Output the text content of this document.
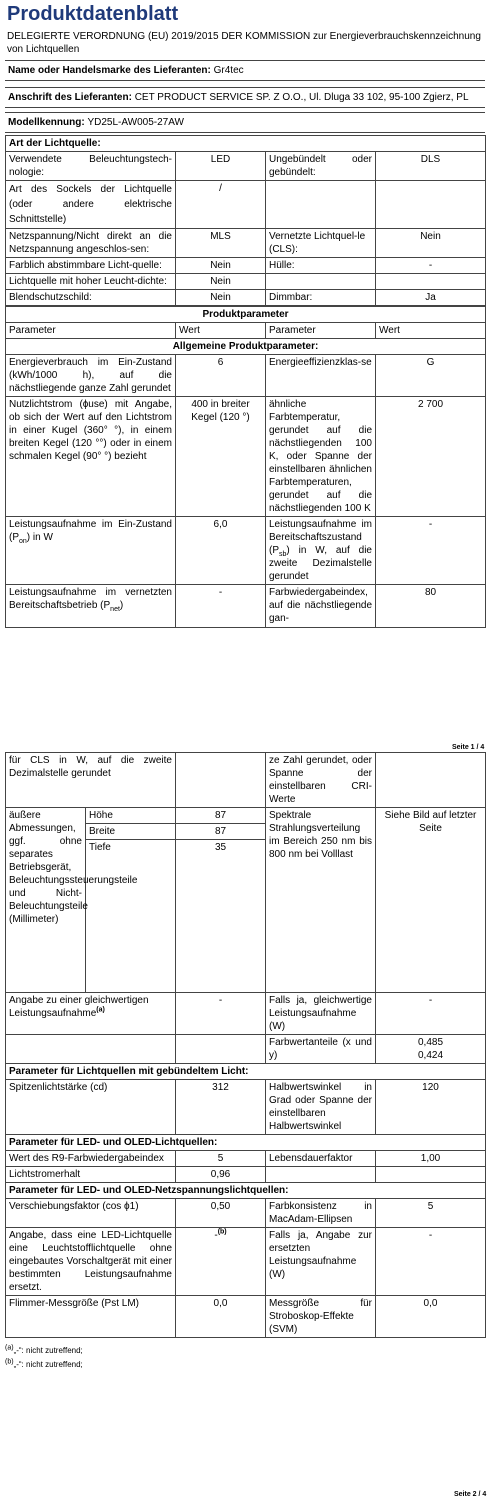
Produktdatenblatt
DELEGIERTE VERORDNUNG (EU) 2019/2015 DER KOMMISSION zur Energieverbrauchskennzeichnung von Lichtquellen
Name oder Handelsmarke des Lieferanten: Gr4tec
Anschrift des Lieferanten: CET PRODUCT SERVICE SP. Z O.O., Ul. Dluga 33 102, 95-100 Zgierz, PL
Modellkennung: YD25L-AW005-27AW
Art der Lichtquelle:			
Verwendete Beleuchtungstech-nologie:	LED	Ungebündelt oder gebündelt:	DLS
Art des Sockels der Lichtquelle (oder andere elektrische Schnittstelle)	/		
Netzspannung/Nicht direkt an die Netzspannung angeschlos-sen:	MLS	Vernetzte Lichtquel-le (CLS):	Nein
Farblich abstimmbare Licht-quelle:	Nein	Hülle:	-
Lichtquelle mit hoher Leucht-dichte:	Nein		
Blendschutzschild:	Nein	Dimmbar:	Ja
Produktparameter			
Parameter	Wert	Parameter	Wert
Allgemeine Produktparameter:			
Energieverbrauch im Ein-Zustand (kWh/1000 h), auf die nächstliegende ganze Zahl gerundet	6	Energieeffizienzklas-se	G
Nutzlichtstrom (ɸuse) mit Angabe, ob sich der Wert auf den Lichtstrom in einer Kugel (360° °), in einem breiten Kegel (120 °°) oder in einem schmalen Kegel (90° °) bezieht	400 in breiter Kegel (120 °)	ähnliche Farbtemperatur, gerundet auf die nächstliegenden 100 K, oder Spanne der einstellbaren ähnlichen Farbtemperaturen, gerundet auf die nächstliegenden 100 K	2 700
Leistungsaufnahme im Ein-Zustand $(P_{on})$ in W	6,0	Leistungsaufnahme im Bereitschaftszustand $(P_{sb})$ in W, auf die zweite Dezimalstelle gerundet	-
Leistungsaufnahme im vernetzten Bereitschaftsbetrieb $(P_{net})$	-	Farbwiedergabeindex, auf die nächstliegende gan-	80
Seite 1 / 4
für CLS in W, auf die zweite Dezimalstelle gerundet			ze Zahl gerundet, oder Spanne der einstellbaren CRI-Werte	
äußere Abmessungen, ggf. ohne separates Betriebsgerät, Beleuchtungssteuerungsteile und Nicht-Beleuchtungsteile (Millimeter)	Höhe	87	Spektrale Strahlungsverteilung im Bereich 250 nm bis 800 nm bei Volllast	Siehe Bild auf letzter Seite
	Breite	87		
	Tiefe	35		
Angabe zu einer gleichwertigen Leistungsaufnahme$^{(a)}$		-	Falls ja, gleichwertige Leistungsaufnahme (W)	-
			Farbwertanteile (x und y)	0,485
0,424

Parameter für Lichtquellen mit gebündeltem Licht:				
Spitzenlichtstärke (cd)		312	Halbwertswinkel in Grad oder Spanne der einstellbaren Halbwertswinkel	120
Parameter für LED- und OLED-Lichtquellen:				
Wert des R9-Farbwiedergabeindex		5	Lebensdauerfaktor	1,00
Lichtstromerhalt		0,96		
Parameter für LED- und OLED-Netzspannungslichtquellen:				
Verschiebungsfaktor (cos ϕ1)		0,50	Farbkonsistenz in MacAdam-Ellipsen	5
Angabe, dass eine LED-Lichtquelle eine Leuchtstofflichtquelle ohne eingebautes Vorschaltgerät mit einer bestimmten Leistungsaufnahme ersetzt.		-$^{(b)}$	Falls ja, Angabe zur ersetzten Leistungsaufnahme (W)	-
Flimmer-Messgröße (Pst LM)		0,0	Messgröße für Stroboskop-Effekte (SVM)	0,0
$^{(a)}$„-“: nicht zutreffend;
$^{(b)}$„-“: nicht zutreffend;
Seite 2 / 4
